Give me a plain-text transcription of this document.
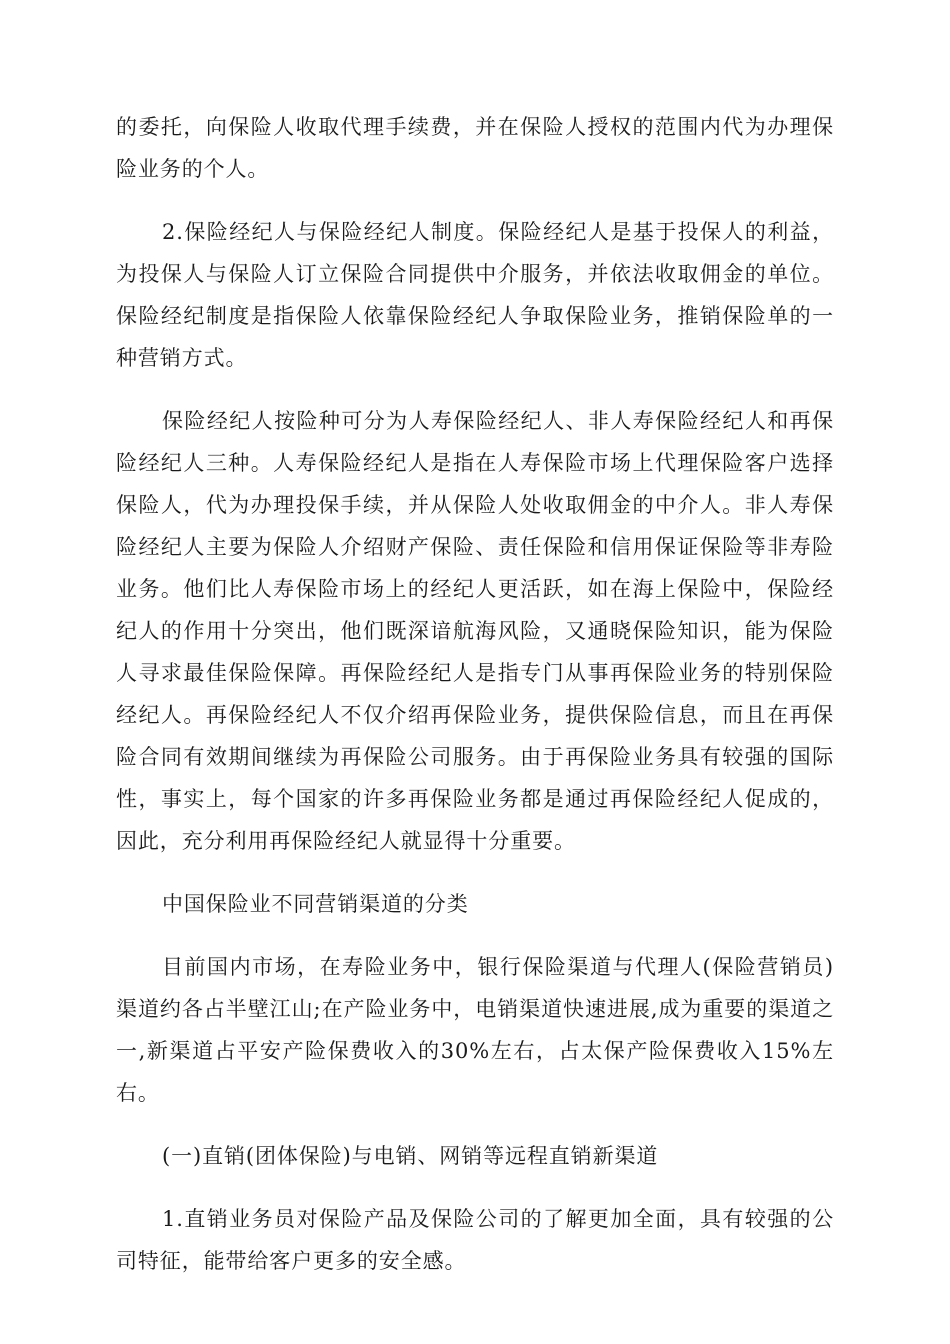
的委托，向保险人收取代理手续费，并在保险人授权的范围内代为办理保险业务的个人。

2.保险经纪人与保险经纪人制度。保险经纪人是基于投保人的利益，为投保人与保险人订立保险合同提供中介服务，并依法收取佣金的单位。保险经纪制度是指保险人依靠保险经纪人争取保险业务，推销保险单的一种营销方式。

保险经纪人按险种可分为人寿保险经纪人、非人寿保险经纪人和再保险经纪人三种。人寿保险经纪人是指在人寿保险市场上代理保险客户选择保险人，代为办理投保手续，并从保险人处收取佣金的中介人。非人寿保险经纪人主要为保险人介绍财产保险、责任保险和信用保证保险等非寿险业务。他们比人寿保险市场上的经纪人更活跃，如在海上保险中，保险经纪人的作用十分突出，他们既深谙航海风险，又通晓保险知识，能为保险人寻求最佳保险保障。再保险经纪人是指专门从事再保险业务的特别保险经纪人。再保险经纪人不仅介绍再保险业务，提供保险信息，而且在再保险合同有效期间继续为再保险公司服务。由于再保险业务具有较强的国际性，事实上，每个国家的许多再保险业务都是通过再保险经纪人促成的，因此，充分利用再保险经纪人就显得十分重要。

中国保险业不同营销渠道的分类

目前国内市场，在寿险业务中，银行保险渠道与代理人(保险营销员)渠道约各占半壁江山;在产险业务中，电销渠道快速进展,成为重要的渠道之一,新渠道占平安产险保费收入的30%左右，占太保产险保费收入15%左右。

(一)直销(团体保险)与电销、网销等远程直销新渠道

1.直销业务员对保险产品及保险公司的了解更加全面，具有较强的公司特征，能带给客户更多的安全感。
